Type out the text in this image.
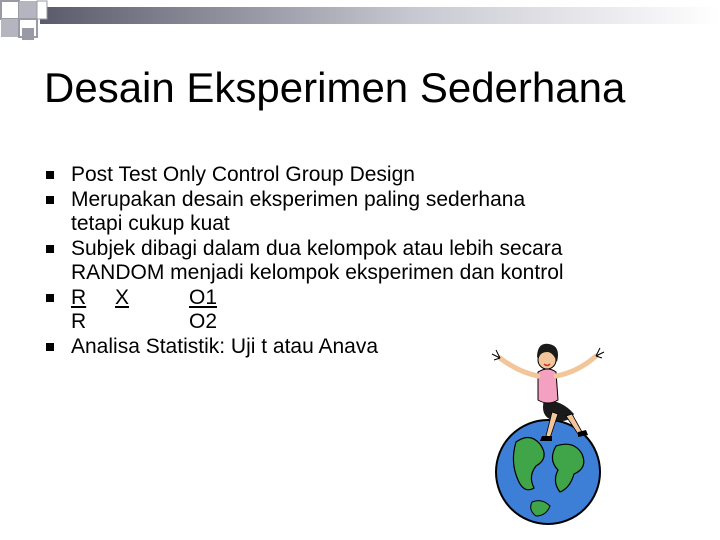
Desain Eksperimen Sederhana
Post Test Only Control Group Design
Merupakan desain eksperimen paling sederhana
tetapi cukup kuat
Subjek dibagi dalam dua kelompok atau lebih secara
RANDOM menjadi kelompok eksperimen dan kontrol
R X	O1
R	O2
Analisa Statistik: Uji t atau Anava
